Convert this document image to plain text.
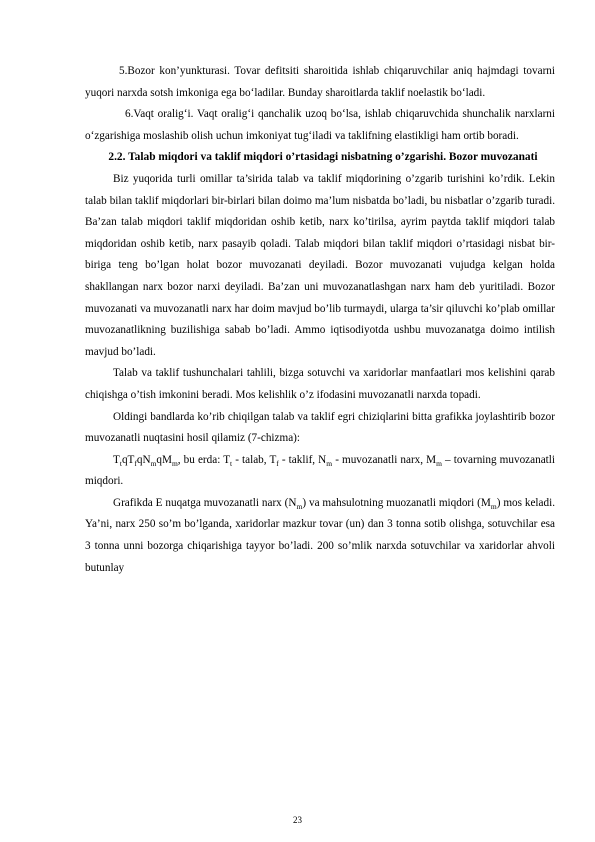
5.Bozor kon’yunkturasi. Tovar defitsiti sharoitida ishlab chiqaruvchilar aniq hajmdagi tovarni yuqori narxda sotsh imkoniga ega bo‘ladilar. Bunday sharoitlarda taklif noelastik bo‘ladi.

6.Vaqt oralig‘i. Vaqt oralig‘i qanchalik uzoq bo‘lsa, ishlab chiqaruvchida shunchalik narxlarni o‘zgarishiga moslashib olish uchun imkoniyat tug‘iladi va taklifning elastikligi ham ortib boradi.

2.2. Talab miqdori va taklif miqdori o’rtasidagi nisbatning o’zgarishi. Bozor muvozanati

Biz yuqorida turli omillar ta’sirida talab va taklif miqdorining o’zgarib turishini ko’rdik. Lekin talab bilan taklif miqdorlari bir-birlari bilan doimo ma’lum nisbatda bo’ladi, bu nisbatlar o’zgarib turadi. Ba’zan talab miqdori taklif miqdoridan oshib ketib, narx ko’tirilsa, ayrim paytda taklif miqdori talab miqdoridan oshib ketib, narx pasayib qoladi. Talab miqdori bilan taklif miqdori o’rtasidagi nisbat bir-biriga teng bo’lgan holat bozor muvozanati deyiladi. Bozor muvozanati vujudga kelgan holda shakllangan narx bozor narxi deyiladi. Ba’zan uni muvozanatlashgan narx ham deb yuritiladi. Bozor muvozanati va muvozanatli narx har doim mavjud bo’lib turmaydi, ularga ta’sir qiluvchi ko’plab omillar muvozanatlikning buzilishiga sabab bo’ladi. Ammo iqtisodiyotda ushbu muvozanatga doimo intilish mavjud bo’ladi.

Talab va taklif tushunchalari tahlili, bizga sotuvchi va xaridorlar manfaatlari mos kelishini qarab chiqishga o’tish imkonini beradi. Mos kelishlik o’z ifodasini muvozanatli narxda topadi.

Oldingi bandlarda ko’rib chiqilgan talab va taklif egri chiziqlarini bitta grafikka joylashtirib bozor muvozanatli nuqtasini hosil qilamiz (7-chizma):

$T_tqT_fqN_mqM_m$, bu erda: $T_t$ - talab, $T_f$ - taklif, $N_m$ - muvozanatli narx, $M_m$ – tovarning muvozanatli miqdori.

Grafikda E nuqatga muvozanatli narx $(N_m)$ va mahsulotning muozanatli miqdori $(M_m)$ mos keladi. Ya’ni, narx 250 so’m bo’lganda, xaridorlar mazkur tovar (un) dan 3 tonna sotib olishga, sotuvchilar esa 3 tonna unni bozorga chiqarishiga tayyor bo’ladi. 200 so’mlik narxda sotuvchilar va xaridorlar ahvoli butunlay

23
